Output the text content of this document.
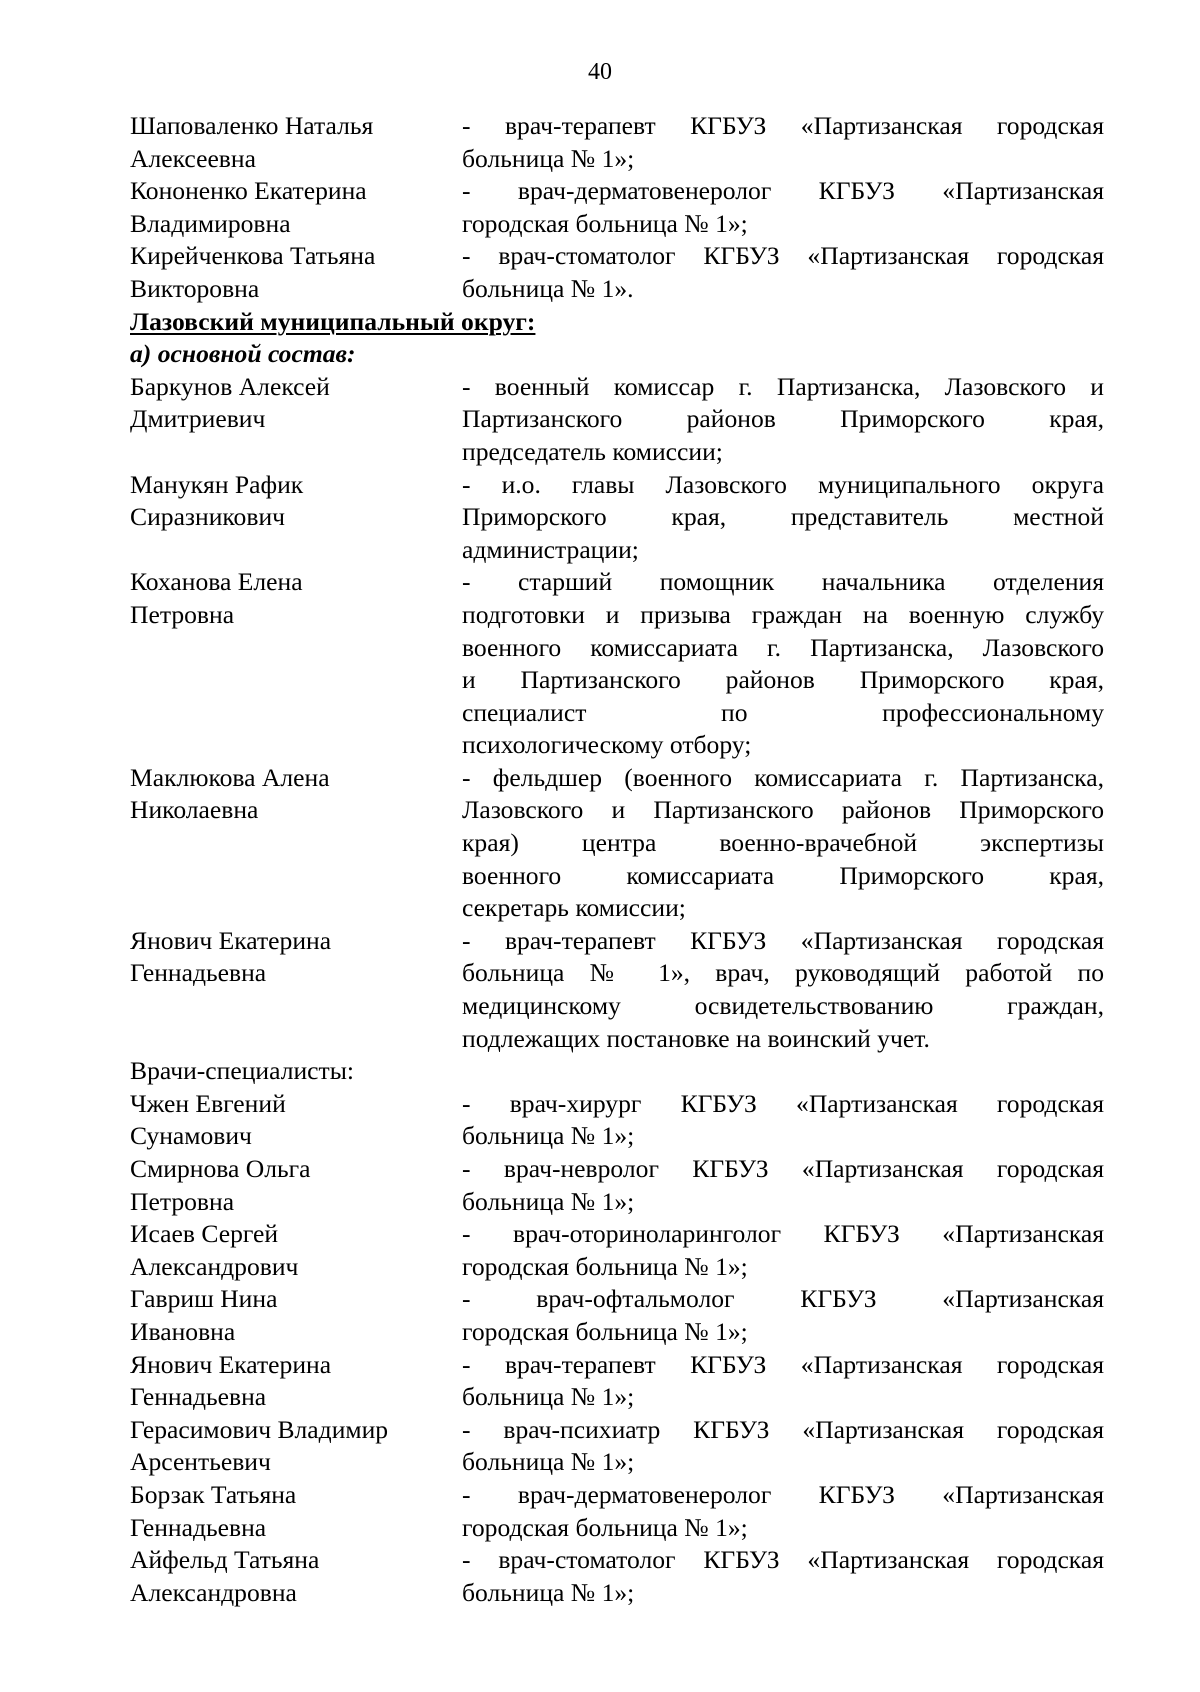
40
Шаповаленко Наталья
Алексеевна
- врач-терапевт КГБУЗ «Партизанская городская
больница № 1»;
Кононенко Екатерина
Владимировна
- врач-дерматовенеролог КГБУЗ «Партизанская
городская больница № 1»;
Кирейченкова Татьяна
Викторовна
- врач-стоматолог КГБУЗ «Партизанская городская
больница № 1».
Лазовский муниципальный округ:
а) основной состав:
Баркунов Алексей
Дмитриевич
- военный комиссар г. Партизанска, Лазовского и
Партизанского районов Приморского края,
председатель комиссии;
Манукян Рафик
Сиразникович
- и.о. главы Лазовского муниципального округа
Приморского края, представитель местной
администрации;
Коханова Елена
Петровна
- старший помощник начальника отделения
подготовки и призыва граждан на военную службу
военного комиссариата г. Партизанска, Лазовского
и Партизанского районов Приморского края,
специалист по профессиональному
психологическому отбору;
Маклюкова Алена
Николаевна
- фельдшер (военного комиссариата г. Партизанска,
Лазовского и Партизанского районов Приморского
края) центра военно-врачебной экспертизы
военного комиссариата Приморского края,
секретарь комиссии;
Янович Екатерина
Геннадьевна
- врач-терапевт КГБУЗ «Партизанская городская
больница № 1», врач, руководящий работой по
медицинскому освидетельствованию граждан,
подлежащих постановке на воинский учет.
Врачи-специалисты:
Чжен Евгений
Сунамович
- врач-хирург КГБУЗ «Партизанская городская
больница № 1»;
Смирнова Ольга
Петровна
- врач-невролог КГБУЗ «Партизанская городская
больница № 1»;
Исаев Сергей
Александрович
- врач-оториноларинголог КГБУЗ «Партизанская
городская больница № 1»;
Гавриш Нина
Ивановна
- врач-офтальмолог КГБУЗ «Партизанская
городская больница № 1»;
Янович Екатерина
Геннадьевна
- врач-терапевт КГБУЗ «Партизанская городская
больница № 1»;
Герасимович Владимир
Арсентьевич
- врач-психиатр КГБУЗ «Партизанская городская
больница № 1»;
Борзак Татьяна
Геннадьевна
- врач-дерматовенеролог КГБУЗ «Партизанская
городская больница № 1»;
Айфельд Татьяна
Александровна
- врач-стоматолог КГБУЗ «Партизанская городская
больница № 1»;
